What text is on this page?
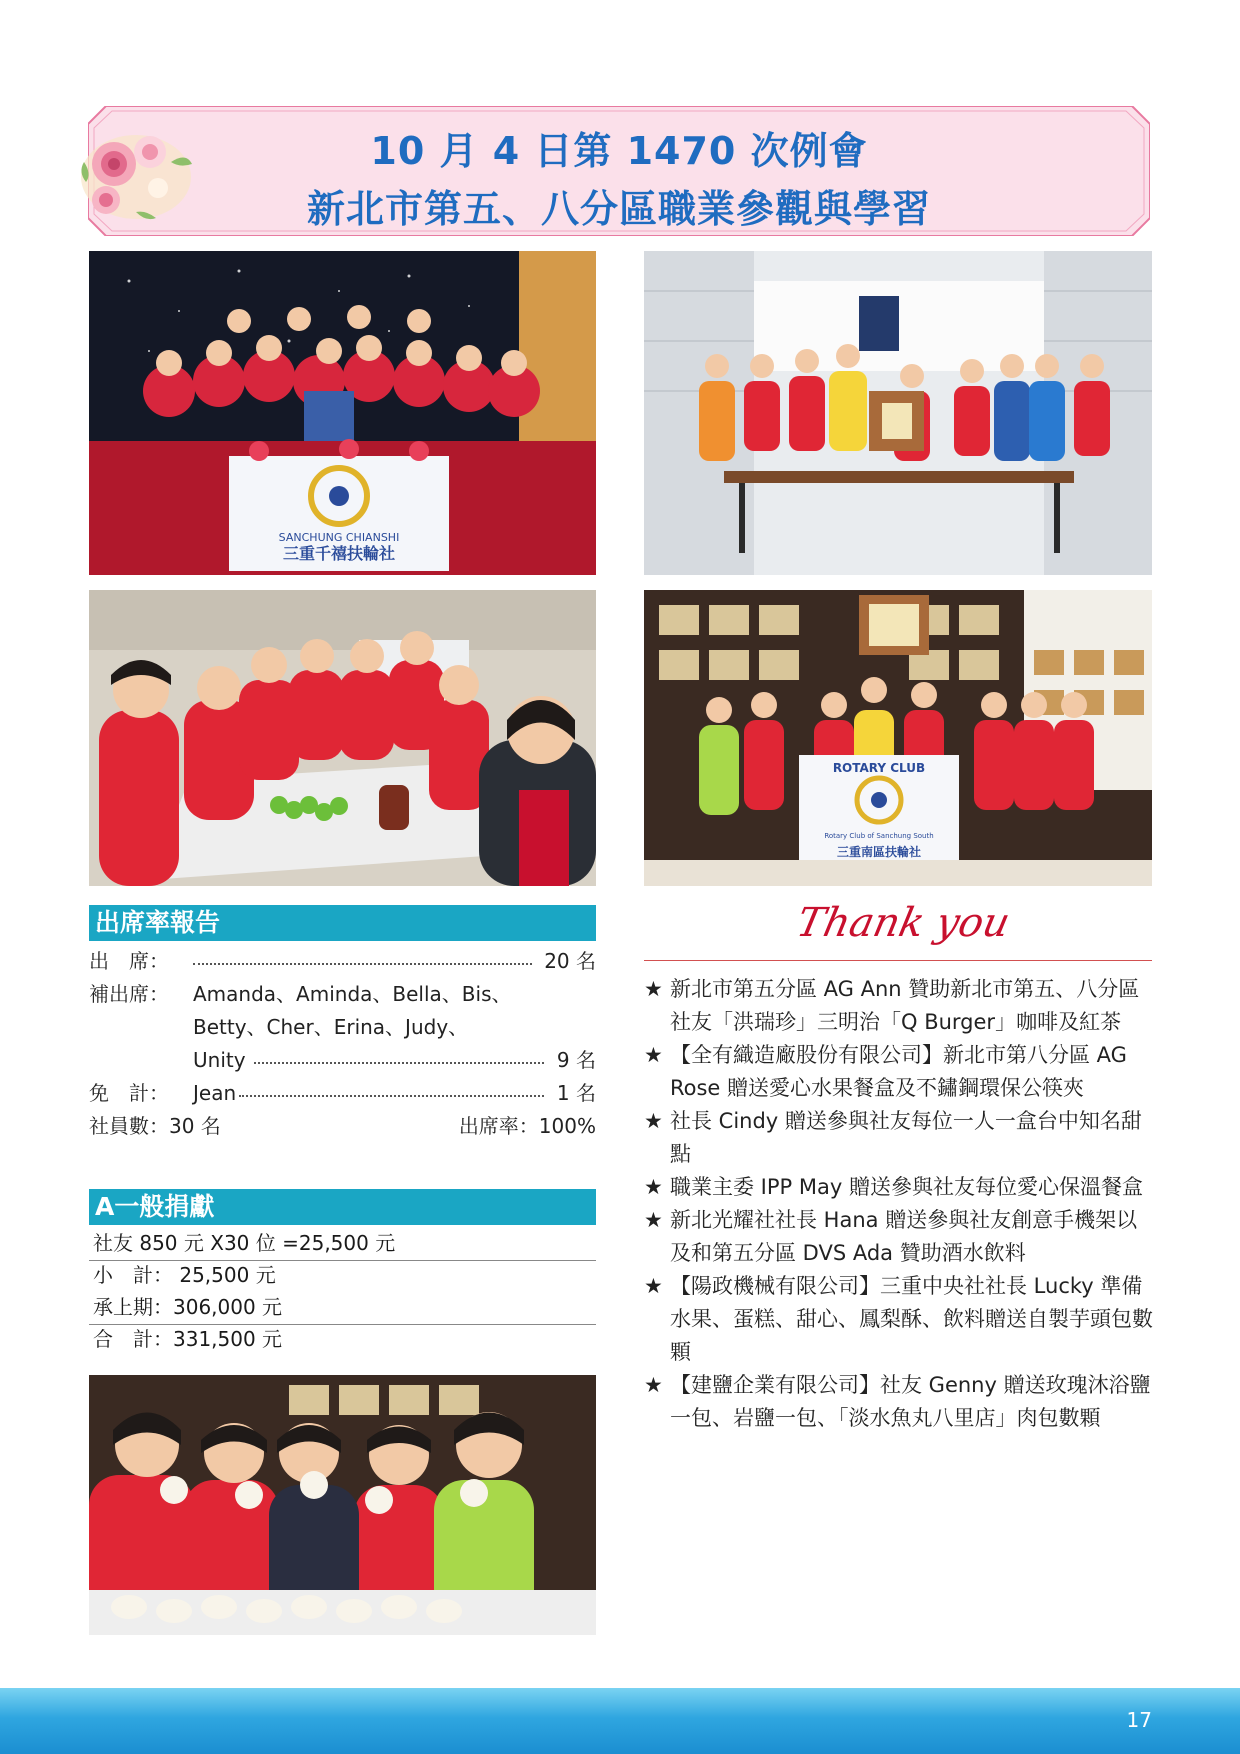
10 月 4 日第 1470 次例會
新北市第五、八分區職業參觀與學習
SANCHUNG CHIANSHI
三重千禧扶輪社
ROTARY CLUB
Rotary Club of Sanchung South
三重南區扶輪社
出席率報告
出　席：	20 名
補出席： Amanda、Aminda、Bella、Bis、
Betty、Cher、Erina、Judy、
Unity	9 名
免　計： Jean	1 名
社員數：30 名	出席率：100%
A一般捐獻
社友 850 元 X30 位 =25,500 元
小　計： 25,500 元
承上期：306,000 元
合　計：331,500 元
Thank you
★ 新北市第五分區 AG Ann 贊助新北市第五、八分區社友「洪瑞珍」三明治「Q Burger」咖啡及紅茶
★ 【全有織造廠股份有限公司】新北市第八分區 AG Rose 贈送愛心水果餐盒及不鏽鋼環保公筷夾
★ 社長 Cindy 贈送參與社友每位一人一盒台中知名甜點
★ 職業主委 IPP May 贈送參與社友每位愛心保溫餐盒
★ 新北光耀社社長 Hana 贈送參與社友創意手機架以及和第五分區 DVS Ada 贊助酒水飲料
★ 【陽政機械有限公司】三重中央社社長 Lucky 準備水果、蛋糕、甜心、鳳梨酥、飲料贈送自製芋頭包數顆
★ 【建鹽企業有限公司】社友 Genny 贈送玫瑰沐浴鹽一包、岩鹽一包、「淡水魚丸八里店」肉包數顆
17
